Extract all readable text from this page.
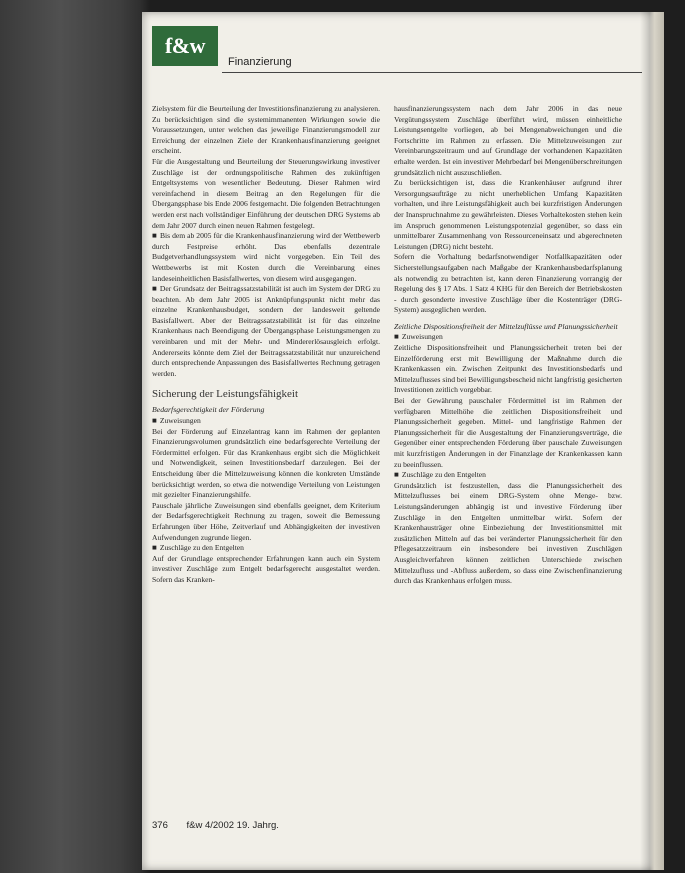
f&w
Finanzierung

Zielsystem für die Beurteilung der Investitionsfinanzierung zu analysieren. Zu berücksichtigen sind die systemimmanenten Wirkungen sowie die Voraussetzungen, unter welchen das jeweilige Finanzierungsmodell zur Erreichung der einzelnen Ziele der Krankenhausfinanzierung geeignet erscheint.

Für die Ausgestaltung und Beurteilung der Steuerungswirkung investiver Zuschläge ist der ordnungspolitische Rahmen des zukünftigen Entgeltsystems von wesentlicher Bedeutung. Dieser Rahmen wird vereinfachend in diesem Beitrag an den Regelungen für die Übergangsphase bis Ende 2006 festgemacht. Die folgenden Betrachtungen werden erst nach vollständiger Einführung der deutschen DRG Systems ab dem Jahr 2007 durch einen neuen Rahmen festgelegt.

■ Bis dem ab 2005 für die Krankenhausfinanzierung wird der Wettbewerb durch Festpreise erhöht. Das ebenfalls dezentrale Budgetverhandlungssystem wird nicht vorgegeben. Ein Teil des Wettbewerbs ist mit Kosten durch die Vereinbarung eines landeseinheitlichen Basisfallwertes, von diesem wird ausgegangen.

■ Der Grundsatz der Beitragssatzstabilität ist auch im System der DRG zu beachten. Ab dem Jahr 2005 ist Anknüpfungspunkt nicht mehr das einzelne Krankenhausbudget, sondern der landesweit geltende Basisfallwert. Aber der Beitragssatzstabilität ist für das einzelne Krankenhaus nach Beendigung der Übergangsphase Leistungsmengen zu vereinbaren und mit der Mehr- und Mindererlösausgleich erfolgt. Andererseits könnte dem Ziel der Beitragssatzstabilität nur unzureichend durch entsprechende Anpassungen des Basisfallwertes Rechnung getragen werden.

Sicherung der Leistungsfähigkeit

Bedarfsgerechtigkeit der Förderung

■ Zuweisungen

Bei der Förderung auf Einzelantrag kann im Rahmen der geplanten Finanzierungsvolumen grundsätzlich eine bedarfsgerechte Verteilung der Fördermittel erfolgen. Für das Krankenhaus ergibt sich die Möglichkeit und Notwendigkeit, seinen Investitionsbedarf darzulegen. Bei der Entscheidung über die Mittelzuweisung können die konkreten Umstände berücksichtigt werden, so etwa die notwendige Verteilung von Leistungen mit gezielter Finanzierungshilfe.

Pauschale jährliche Zuweisungen sind ebenfalls geeignet, dem Kriterium der Bedarfsgerechtigkeit Rechnung zu tragen, soweit die Bemessung Erfahrungen über Höhe, Zeitverlauf und Abhängigkeiten der investiven Aufwendungen zugrunde liegen.

■ Zuschläge zu den Entgelten

Auf der Grundlage entsprechender Erfahrungen kann auch ein System investiver Zuschläge zum Entgelt bedarfsgerecht ausgestaltet werden. Sofern das Kranken-

hausfinanzierungssystem nach dem Jahr 2006 in das neue Vergütungssystem Zuschläge überführt wird, müssen einheitliche Leistungsentgelte vorliegen, ab bei Mengenabweichungen und die Fortschritte im Rahmen zu erfassen. Die Mittelzuweisungen zur Vereinbarungszeitraum und auf Grundlage der vorhandenen Kapazitäten erhalte werden. Ist ein investiver Mehrbedarf bei Mengenüberschreitungen grundsätzlich nicht auszuschließen.

Zu berücksichtigen ist, dass die Krankenhäuser aufgrund ihrer Versorgungsaufträge zu nicht unerheblichen Umfang Kapazitäten vorhalten, und ihre Leistungsfähigkeit auch bei kurzfristigen Änderungen der Inanspruchnahme zu gewährleisten. Dieses Vorhaltekosten stehen kein im Anspruch genommenen Leistungspotenzial gegenüber, so dass ein unmittelbarer Zusammenhang von Ressourceneinsatz und abgerechneten Leistungen (DRG) nicht besteht.

Sofern die Vorhaltung bedarfsnotwendiger Notfallkapazitäten oder Sicherstellungsaufgaben nach Maßgabe der Krankenhausbedarfsplanung als notwendig zu betrachten ist, kann deren Finanzierung vorrangig der Regelung des § 17 Abs. 1 Satz 4 KHG für den Bereich der Betriebskosten - durch gesonderte investive Zuschläge über die Kostenträger (DRG-System) ausgeglichen werden.

Zeitliche Dispositionsfreiheit der Mittelzuflüsse und Planungssicherheit

■ Zuweisungen

Zeitliche Dispositionsfreiheit und Planungssicherheit treten bei der Einzelförderung erst mit Bewilligung der Maßnahme durch die Krankenkassen ein. Zwischen Zeitpunkt des Investitionsbedarfs und Mittelzuflusses sind bei Bewilligungsbescheid nicht langfristig gesicherten Investitionen zeitlich vorgebbar.

Bei der Gewährung pauschaler Fördermittel ist im Rahmen der verfügbaren Mittelhöhe die zeitlichen Dispositionsfreiheit und Planungssicherheit gegeben. Mittel- und langfristige Rahmen der Planungssicherheit für die Ausgestaltung der Finanzierungsverträge, die Gegenüber einer entsprechenden Förderung über pauschale Zuweisungen mit kurzfristigen Änderungen in der Finanzlage der Krankenkassen kann zu beeinflussen.

■ Zuschläge zu den Entgelten

Grundsätzlich ist festzustellen, dass die Planungssicherheit des Mittelzuflusses bei einem DRG-System ohne Menge- bzw. Leistungsänderungen abhängig ist und investive Förderung über Zuschläge in den Entgelten unmittelbar wirkt. Sofern der Krankenhausträger ohne Einbeziehung der Investitionsmittel mit zusätzlichen Mitteln auf das bei veränderter Planungssicherheit für den Pflegesatzzeitraum ein insbesondere bei investiven Zuschlägen Ausgleichverfahren können zeitlichen Unterschiede zwischen Mittelzufluss und -Abfluss außerdem, so dass eine Zwischenfinanzierung durch das Krankenhaus erfolgen muss.

376 f&w 4/2002 19. Jahrg.
